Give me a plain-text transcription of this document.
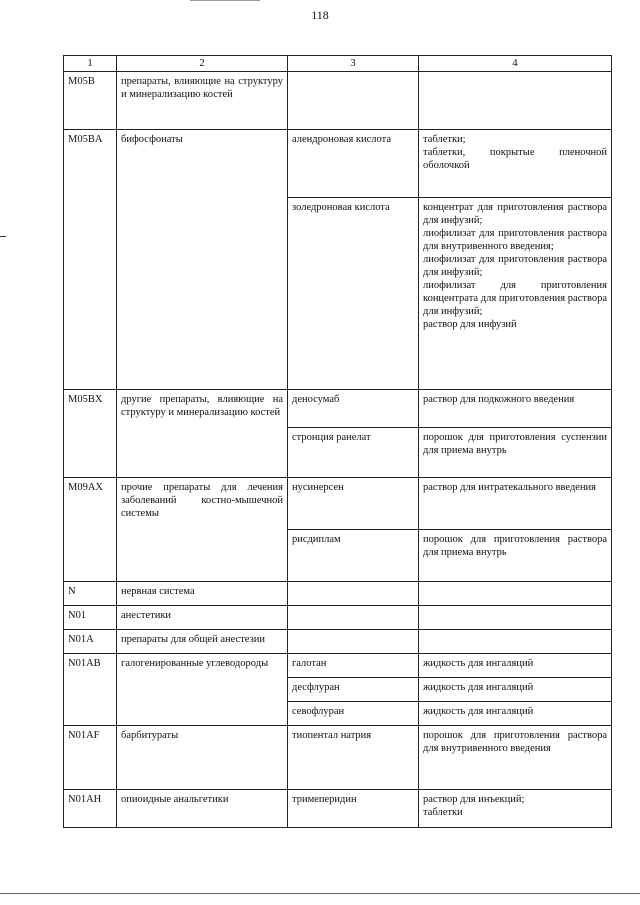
118
1	2	3	4
M05B	препараты, влияющие на структуру и минерализацию костей		
M05BA	бифосфонаты	алендроновая кислота	таблетки;
таблетки, покрытые пленочной оболочкой

		золедроновая кислота	концентрат для приготовления раствора для инфузий;
лиофилизат для приготовления раствора для внутривенного введения;
лиофилизат для приготовления раствора для инфузий;
лиофилизат для приготовления концентрата для приготовления раствора для инфузий;
раствор для инфузий

M05BX	другие препараты, влияющие на структуру и минерализацию костей	деносумаб	раствор для подкожного введения

		стронция ранелат	порошок для приготовления суспензии для приема внутрь

M09AX	прочие препараты для лечения заболеваний костно-мышечной системы	нусинерсен	раствор для интратекального введения

		рисдиплам	порошок для приготовления раствора для приема внутрь

N	нервная система		
N01	анестетики		
N01A	препараты для общей анестезии		
N01AB	галогенированные углеводороды	галотан	жидкость для ингаляций

		десфлуран	жидкость для ингаляций

		севофлуран	жидкость для ингаляций

N01AF	барбитураты	тиопентал натрия	порошок для приготовления раствора для внутривенного введения

N01AH	опиоидные анальгетики	тримеперидин	раствор для инъекций;
таблетки
